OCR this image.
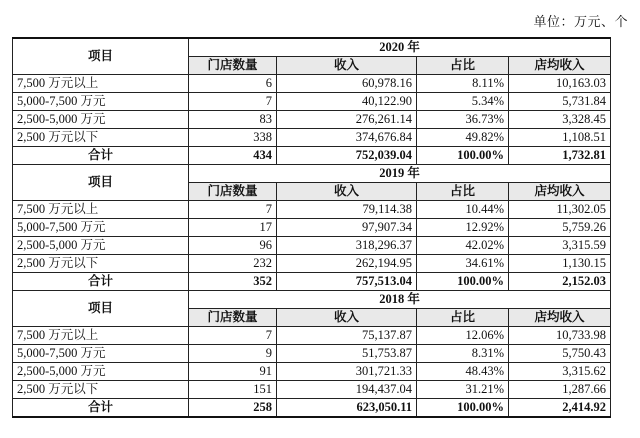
单位：万元、个
项目	2020 年			
	门店数量	收入	占比	店均收入
7,500 万元以上	6	60,978.16	8.11%	10,163.03
5,000-7,500 万元	7	40,122.90	5.34%	5,731.84
2,500-5,000 万元	83	276,261.14	36.73%	3,328.45
2,500 万元以下	338	374,676.84	49.82%	1,108.51
合计	434	752,039.04	100.00%	1,732.81
项目	2019 年			
	门店数量	收入	占比	店均收入
7,500 万元以上	7	79,114.38	10.44%	11,302.05
5,000-7,500 万元	17	97,907.34	12.92%	5,759.26
2,500-5,000 万元	96	318,296.37	42.02%	3,315.59
2,500 万元以下	232	262,194.95	34.61%	1,130.15
合计	352	757,513.04	100.00%	2,152.03
项目	2018 年			
	门店数量	收入	占比	店均收入
7,500 万元以上	7	75,137.87	12.06%	10,733.98
5,000-7,500 万元	9	51,753.87	8.31%	5,750.43
2,500-5,000 万元	91	301,721.33	48.43%	3,315.62
2,500 万元以下	151	194,437.04	31.21%	1,287.66
合计	258	623,050.11	100.00%	2,414.92
